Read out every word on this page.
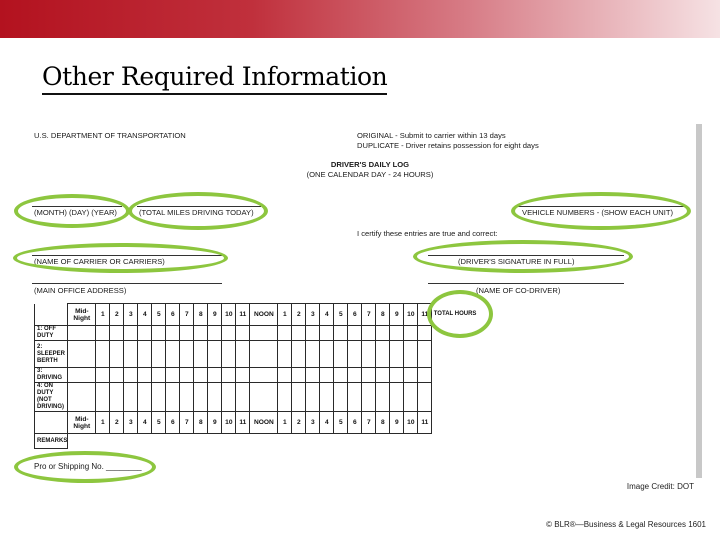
Other Required Information
U.S. DEPARTMENT OF TRANSPORTATION	ORIGINAL - Submit to carrier within 13 days
DUPLICATE - Driver retains possession for eight days
DRIVER'S DAILY LOG
(ONE CALENDAR DAY - 24 HOURS)
(MONTH) (DAY) (YEAR)	(TOTAL MILES DRIVING TODAY)	VEHICLE NUMBERS - (SHOW EACH UNIT)
I certify these entries are true and correct:
(NAME OF CARRIER OR CARRIERS)	(DRIVER'S SIGNATURE IN FULL)
(MAIN OFFICE ADDRESS)	(NAME OF CO-DRIVER)
	Mid-Night	1	2	3	4	5	6	7	8	9	10	11	NOON	1	2	3	4	5	6	7	8	9	10	11	TOTAL HOURS
1: OFF DUTY																									
2: SLEEPER BERTH																									
3: DRIVING																									
4: ON DUTY (NOT DRIVING)																									
	Mid-Night	1	2	3	4	5	6	7	8	9	10	11	NOON	1	2	3	4	5	6	7	8	9	10	11	
REMARKS																									
Pro or Shipping No. ________
Image Credit: DOT
© BLR®—Business & Legal Resources 1601
